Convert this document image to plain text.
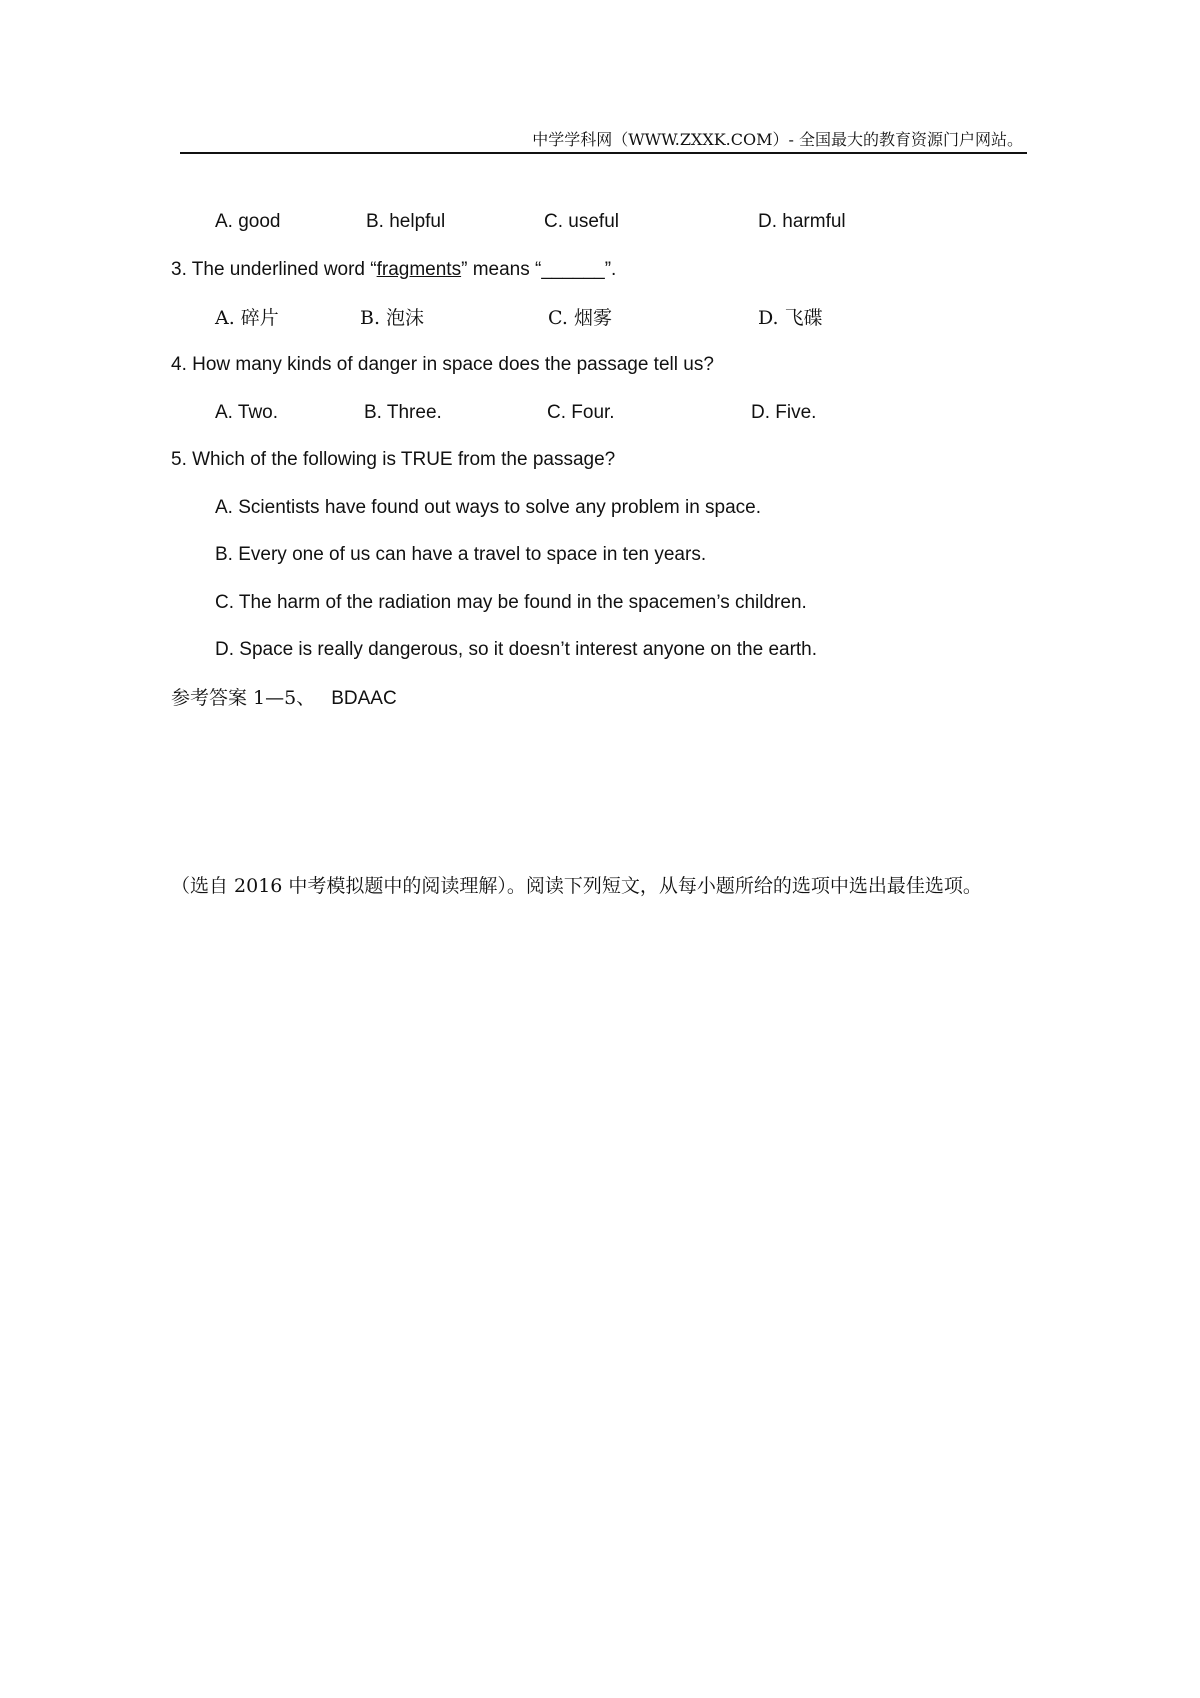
中学学科网（WWW.ZXXK.COM）- 全国最大的教育资源门户网站。
A. good	B. helpful	C. useful	D. harmful
3. The underlined word “fragments” means “______”.
A. 碎片	B. 泡沫	C. 烟雾	D. 飞碟
4. How many kinds of danger in space does the passage tell us?
A. Two.	B. Three.	C. Four.	D. Five.
5. Which of the following is TRUE from the passage?
A. Scientists have found out ways to solve any problem in space.
B. Every one of us can have a travel to space in ten years.
C. The harm of the radiation may be found in the spacemen’s children.
D. Space is really dangerous, so it doesn’t interest anyone on the earth.
参考答案 1—5、 BDAAC
（选自 2016 中考模拟题中的阅读理解）。阅读下列短文，从每小题所给的选项中选出最佳选项。
